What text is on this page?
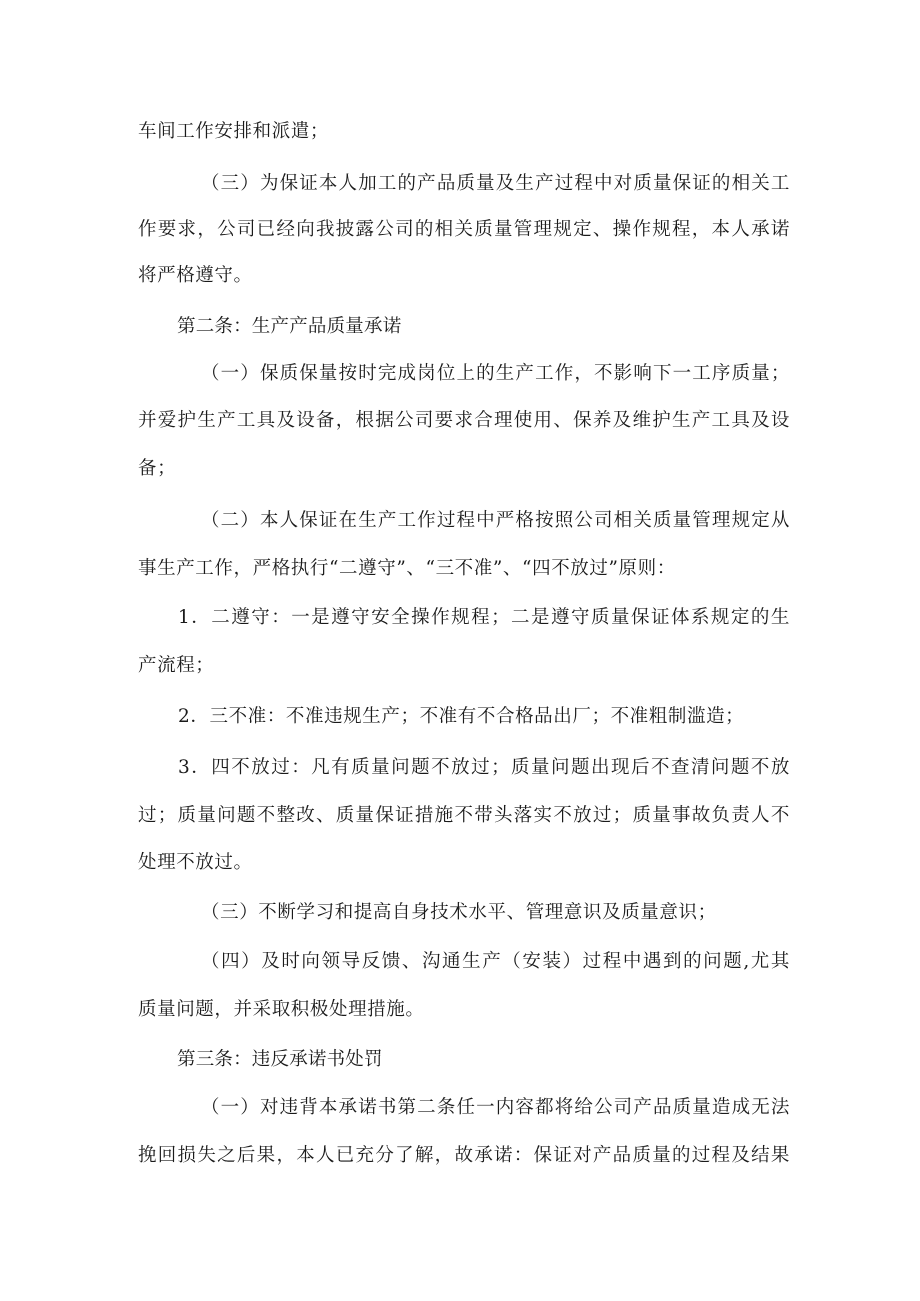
车间工作安排和派遣；
（三）为保证本人加工的产品质量及生产过程中对质量保证的相关工
作要求，公司已经向我披露公司的相关质量管理规定、操作规程，本人承诺
将严格遵守。
第二条：生产产品质量承诺
（一）保质保量按时完成岗位上的生产工作，不影响下一工序质量；
并爱护生产工具及设备，根据公司要求合理使用、保养及维护生产工具及设
备；
（二）本人保证在生产工作过程中严格按照公司相关质量管理规定从
事生产工作，严格执行“二遵守”、“三不准”、“四不放过”原则：
1．二遵守：一是遵守安全操作规程；二是遵守质量保证体系规定的生
产流程；
2．三不准：不准违规生产；不准有不合格品出厂；不准粗制滥造；
3．四不放过：凡有质量问题不放过；质量问题出现后不查清问题不放
过；质量问题不整改、质量保证措施不带头落实不放过；质量事故负责人不
处理不放过。
（三）不断学习和提高自身技术水平、管理意识及质量意识；
（四）及时向领导反馈、沟通生产（安装）过程中遇到的问题,尤其
质量问题，并采取积极处理措施。
第三条：违反承诺书处罚
（一）对违背本承诺书第二条任一内容都将给公司产品质量造成无法
挽回损失之后果，本人已充分了解，故承诺：保证对产品质量的过程及结果
